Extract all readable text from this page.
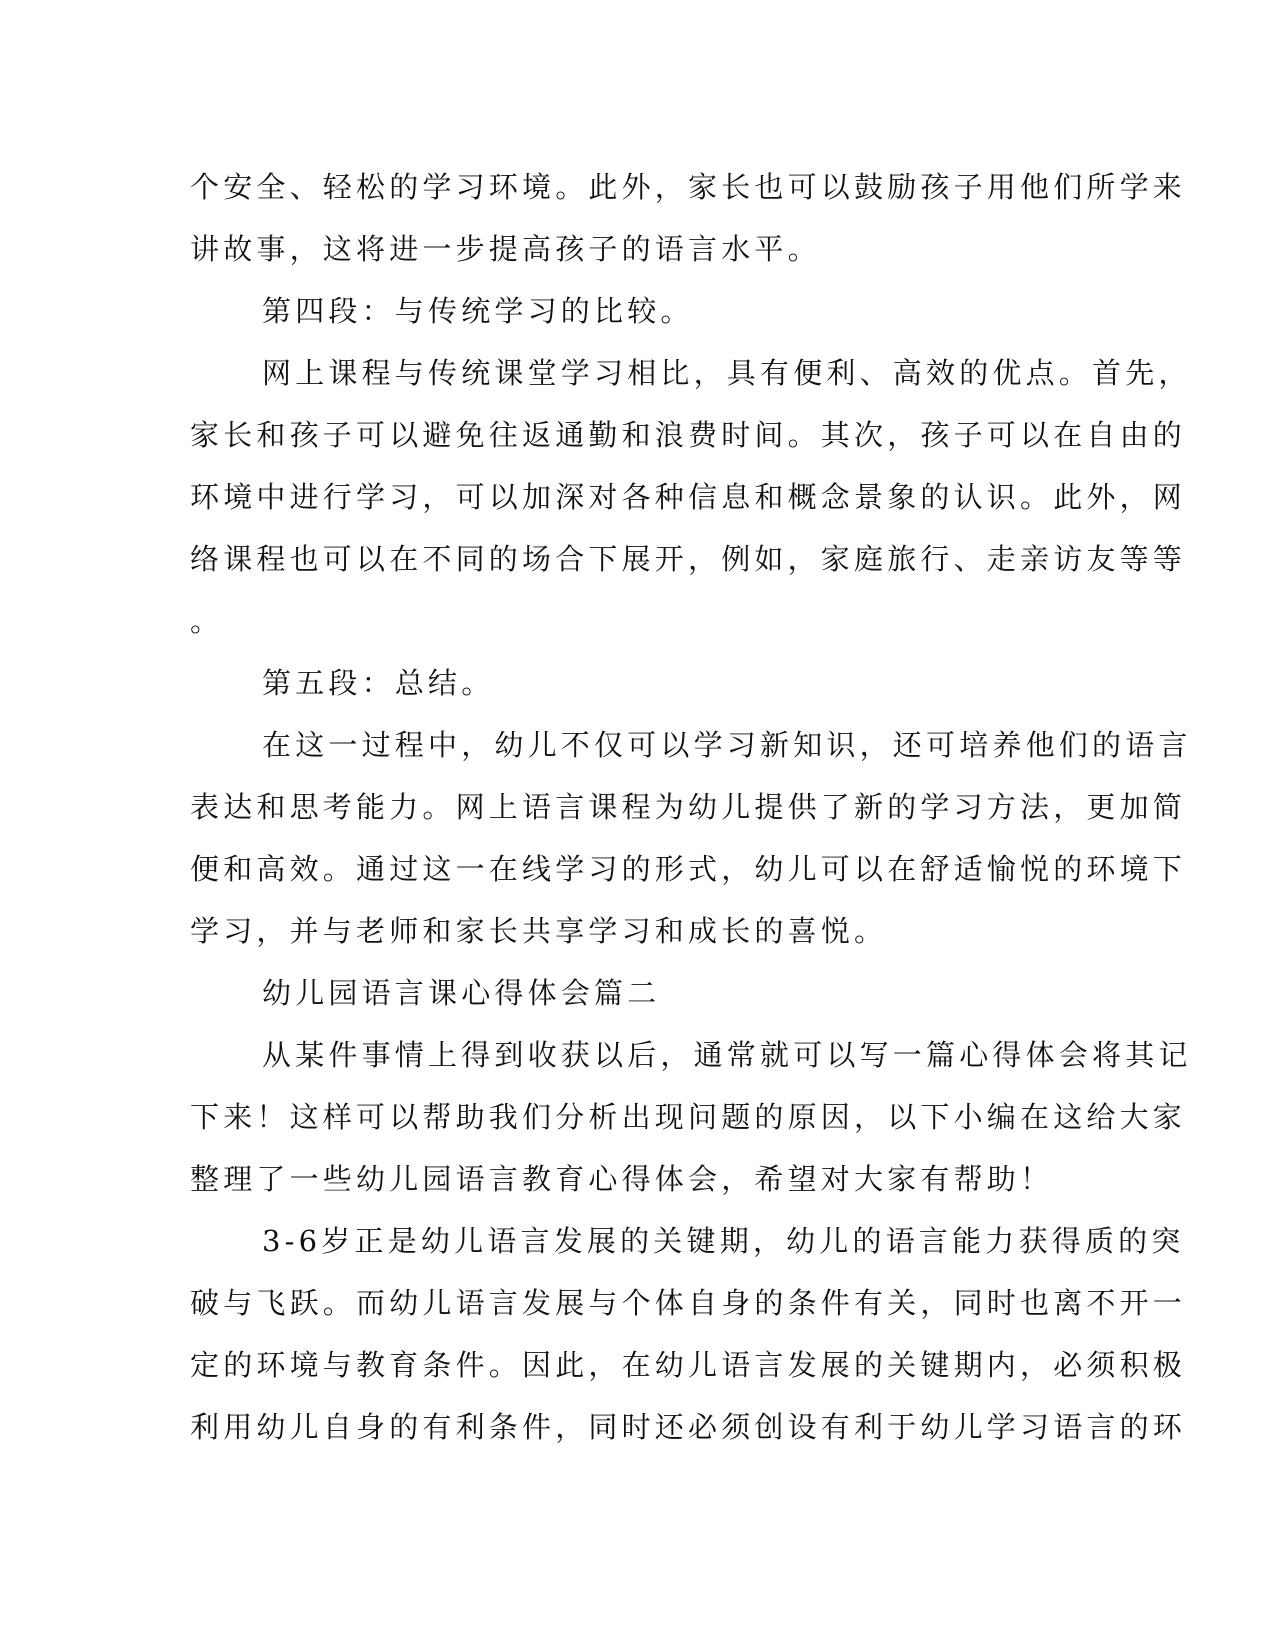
个安全、轻松的学习环境。此外，家长也可以鼓励孩子用他们所学来
讲故事，这将进一步提高孩子的语言水平。
第四段：与传统学习的比较。
网上课程与传统课堂学习相比，具有便利、高效的优点。首先，
家长和孩子可以避免往返通勤和浪费时间。其次，孩子可以在自由的
环境中进行学习，可以加深对各种信息和概念景象的认识。此外，网
络课程也可以在不同的场合下展开，例如，家庭旅行、走亲访友等等
。
第五段：总结。
在这一过程中，幼儿不仅可以学习新知识，还可培养他们的语言
表达和思考能力。网上语言课程为幼儿提供了新的学习方法，更加简
便和高效。通过这一在线学习的形式，幼儿可以在舒适愉悦的环境下
学习，并与老师和家长共享学习和成长的喜悦。
幼儿园语言课心得体会篇二
从某件事情上得到收获以后，通常就可以写一篇心得体会将其记
下来！这样可以帮助我们分析出现问题的原因，以下小编在这给大家
整理了一些幼儿园语言教育心得体会，希望对大家有帮助！
3-6岁正是幼儿语言发展的关键期，幼儿的语言能力获得质的突
破与飞跃。而幼儿语言发展与个体自身的条件有关，同时也离不开一
定的环境与教育条件。因此，在幼儿语言发展的关键期内，必须积极
利用幼儿自身的有利条件，同时还必须创设有利于幼儿学习语言的环
